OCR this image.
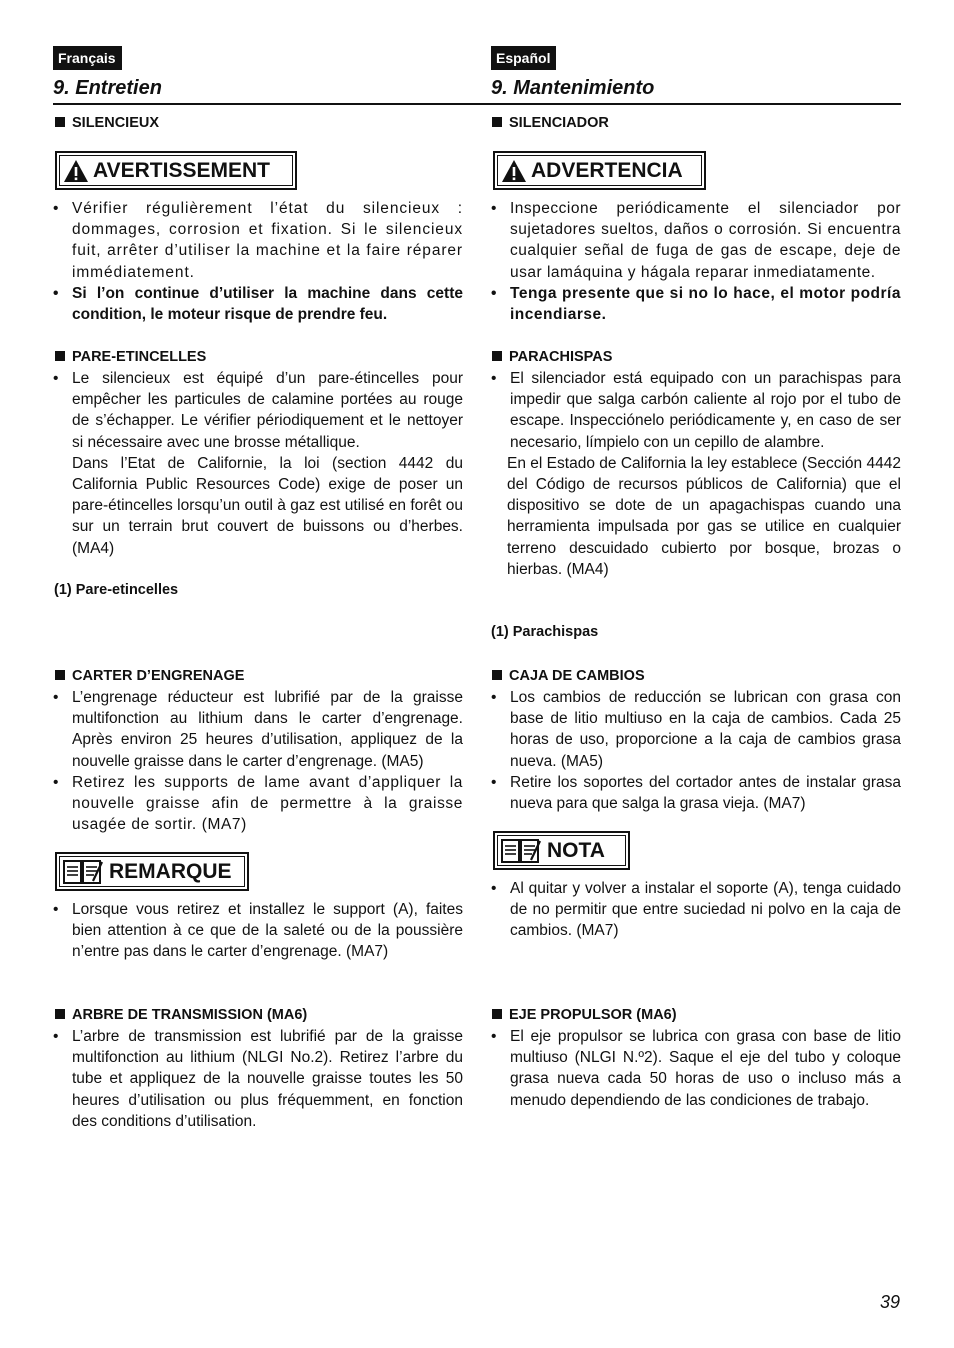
Français
9. Entretien
Español
9. Mantenimiento
SILENCIEUX
AVERTISSEMENT

• Vérifier régulièrement l’état du silencieux : dommages, corrosion et fixation. Si le silencieux fuit, arrêter d’utiliser la machine et la faire réparer immédiatement.

• Si l’on continue d’utiliser la machine dans cette condition, le moteur risque de prendre feu.

PARE-ETINCELLES

• Le silencieux est équipé d’un pare-étincelles pour empêcher les particules de calamine portées au rouge de s’échapper. Le vérifier périodiquement et le nettoyer si nécessaire avec une brosse métallique.

Dans l’Etat de Californie, la loi (section 4442 du California Public Resources Code) exige de poser un pare-étincelles lorsqu’un outil à gaz est utilisé en forêt ou sur un terrain brut couvert de buissons ou d’herbes. (MA4)

(1) Pare-etincelles
CARTER D’ENGRENAGE

• L’engrenage réducteur est lubrifié par de la graisse multifonction au lithium dans le carter d’engrenage. Après environ 25 heures d’utilisation, appliquez de la nouvelle graisse dans le carter d’engrenage. (MA5)

• Retirez les supports de lame avant d’appliquer la nouvelle graisse afin de permettre à la graisse usagée de sortir. (MA7)

REMARQUE

• Lorsque vous retirez et installez le support (A), faites bien attention à ce que de la saleté ou de la poussière n’entre pas dans le carter d’engrenage. (MA7)

ARBRE DE TRANSMISSION (MA6)

• L’arbre de transmission est lubrifié par de la graisse multifonction au lithium (NLGI No.2). Retirez l’arbre du tube et appliquez de la nouvelle graisse toutes les 50 heures d’utilisation ou plus fréquemment, en fonction des conditions d’utilisation.

SILENCIADOR
ADVERTENCIA

• Inspeccione periódicamente el silenciador por sujetadores sueltos, daños o corrosión. Si encuentra cualquier señal de fuga de gas de escape, deje de usar lamáquina y hágala reparar inmediatamente.

• Tenga presente que si no lo hace, el motor podría incendiarse.

PARACHISPAS

• El silenciador está equipado con un parachispas para impedir que salga carbón caliente al rojo por el tubo de escape. Inspecciónelo periódicamente y, en caso de ser necesario, límpielo con un cepillo de alambre.

En el Estado de California la ley establece (Sección 4442 del Código de recursos públicos de California) que el dispositivo se dote de un apagachispas cuando una herramienta impulsada por gas se utilice en cualquier terreno descuidado cubierto por bosque, brozas o hierbas. (MA4)

(1) Parachispas
CAJA DE CAMBIOS

• Los cambios de reducción se lubrican con grasa con base de litio multiuso en la caja de cambios. Cada 25 horas de uso, proporcione a la caja de cambios grasa nueva. (MA5)

• Retire los soportes del cortador antes de instalar grasa nueva para que salga la grasa vieja. (MA7)

NOTA

• Al quitar y volver a instalar el soporte (A), tenga cuidado de no permitir que entre suciedad ni polvo en la caja de cambios. (MA7)

EJE PROPULSOR (MA6)

• El eje propulsor se lubrica con grasa con base de litio multiuso (NLGI N.º2). Saque el eje del tubo y coloque grasa nueva cada 50 horas de uso o incluso más a menudo dependiendo de las condiciones de trabajo.

39
